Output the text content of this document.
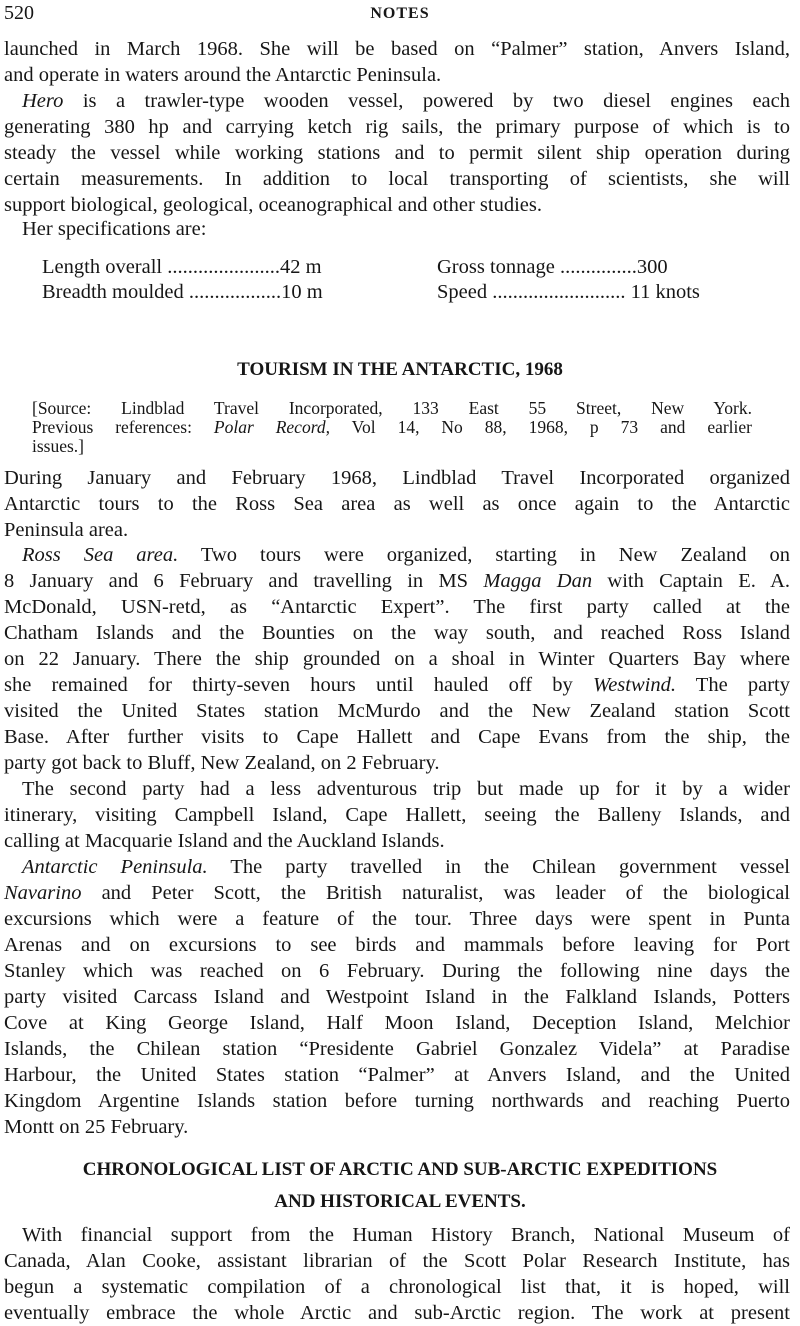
520	NOTES
launched in March 1968. She will be based on “Palmer” station, Anvers Island,
and operate in waters around the Antarctic Peninsula.
Hero is a trawler-type wooden vessel, powered by two diesel engines each
generating 380 hp and carrying ketch rig sails, the primary purpose of which is to
steady the vessel while working stations and to permit silent ship operation during
certain measurements. In addition to local transporting of scientists, she will
support biological, geological, oceanographical and other studies.
Her specifications are:
Length overall ......................42 m
Breadth moulded ..................10 m
Gross tonnage ...............300
Speed .......................... 11 knots
TOURISM IN THE ANTARCTIC, 1968
[Source: Lindblad Travel Incorporated, 133 East 55 Street, New York.
Previous references: Polar Record, Vol 14, No 88, 1968, p 73 and earlier
issues.]
During January and February 1968, Lindblad Travel Incorporated organized
Antarctic tours to the Ross Sea area as well as once again to the Antarctic
Peninsula area.
Ross Sea area. Two tours were organized, starting in New Zealand on
8 January and 6 February and travelling in MS Magga Dan with Captain E. A.
McDonald, USN-retd, as “Antarctic Expert”. The first party called at the
Chatham Islands and the Bounties on the way south, and reached Ross Island
on 22 January. There the ship grounded on a shoal in Winter Quarters Bay where
she remained for thirty-seven hours until hauled off by Westwind. The party
visited the United States station McMurdo and the New Zealand station Scott
Base. After further visits to Cape Hallett and Cape Evans from the ship, the
party got back to Bluff, New Zealand, on 2 February.
The second party had a less adventurous trip but made up for it by a wider
itinerary, visiting Campbell Island, Cape Hallett, seeing the Balleny Islands, and
calling at Macquarie Island and the Auckland Islands.
Antarctic Peninsula. The party travelled in the Chilean government vessel
Navarino and Peter Scott, the British naturalist, was leader of the biological
excursions which were a feature of the tour. Three days were spent in Punta
Arenas and on excursions to see birds and mammals before leaving for Port
Stanley which was reached on 6 February. During the following nine days the
party visited Carcass Island and Westpoint Island in the Falkland Islands, Potters
Cove at King George Island, Half Moon Island, Deception Island, Melchior
Islands, the Chilean station “Presidente Gabriel Gonzalez Videla” at Paradise
Harbour, the United States station “Palmer” at Anvers Island, and the United
Kingdom Argentine Islands station before turning northwards and reaching Puerto
Montt on 25 February.
CHRONOLOGICAL LIST OF ARCTIC AND SUB-ARCTIC EXPEDITIONS
AND HISTORICAL EVENTS.
With financial support from the Human History Branch, National Museum of
Canada, Alan Cooke, assistant librarian of the Scott Polar Research Institute, has
begun a systematic compilation of a chronological list that, it is hoped, will
eventually embrace the whole Arctic and sub-Arctic region. The work at present
